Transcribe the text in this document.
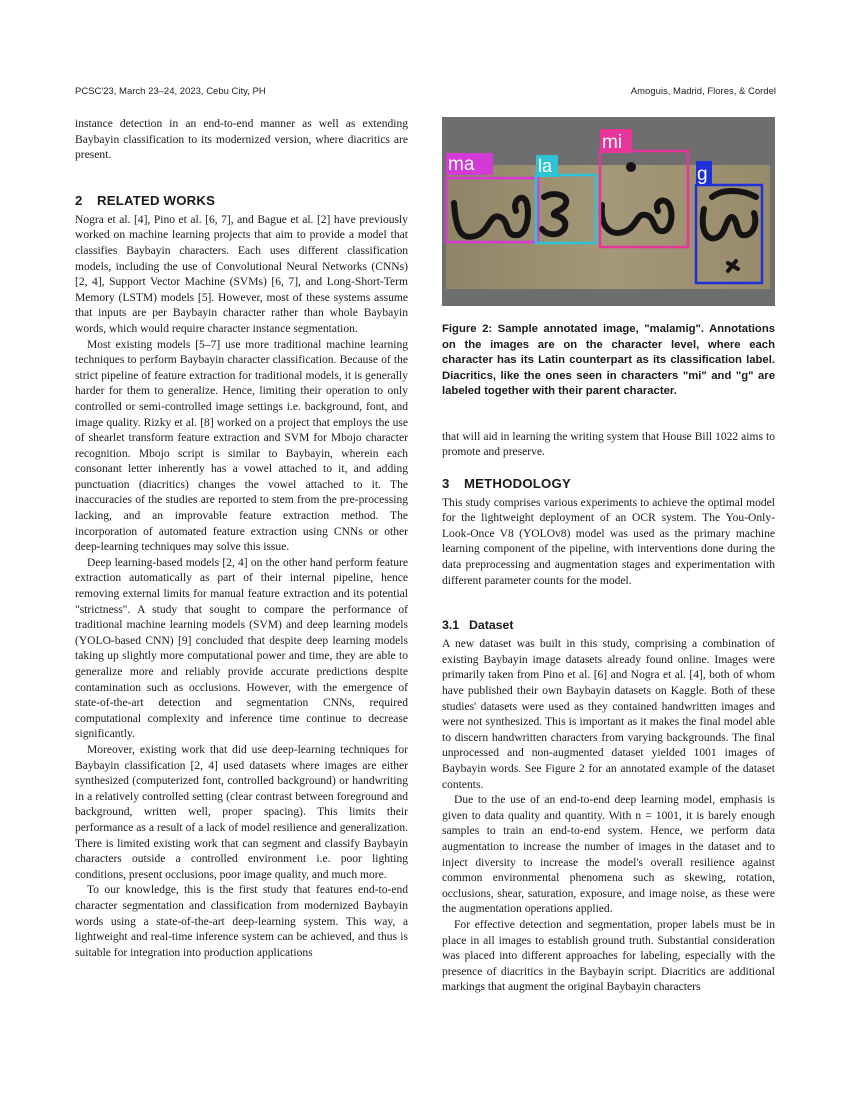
PCSC'23, March 23–24, 2023, Cebu City, PH	Amoguis, Madrid, Flores, & Cordel

instance detection in an end-to-end manner as well as extending Baybayin classification to its modernized version, where diacritics are present.

2 RELATED WORKS

Nogra et al. [4], Pino et al. [6, 7], and Bague et al. [2] have previously worked on machine learning projects that aim to provide a model that classifies Baybayin characters. Each uses different classification models, including the use of Convolutional Neural Networks (CNNs) [2, 4], Support Vector Machine (SVMs) [6, 7], and Long-Short-Term Memory (LSTM) models [5]. However, most of these systems assume that inputs are per Baybayin character rather than whole Baybayin words, which would require character instance segmentation.

Most existing models [5–7] use more traditional machine learning techniques to perform Baybayin character classification. Because of the strict pipeline of feature extraction for traditional models, it is generally harder for them to generalize. Hence, limiting their operation to only controlled or semi-controlled image settings i.e. background, font, and image quality. Rizky et al. [8] worked on a project that employs the use of shearlet transform feature extraction and SVM for Mbojo character recognition. Mbojo script is similar to Baybayin, wherein each consonant letter inherently has a vowel attached to it, and adding punctuation (diacritics) changes the vowel attached to it. The inaccuracies of the studies are reported to stem from the pre-processing lacking, and an improvable feature extraction method. The incorporation of automated feature extraction using CNNs or other deep-learning techniques may solve this issue.

Deep learning-based models [2, 4] on the other hand perform feature extraction automatically as part of their internal pipeline, hence removing external limits for manual feature extraction and its potential "strictness". A study that sought to compare the performance of traditional machine learning models (SVM) and deep learning models (YOLO-based CNN) [9] concluded that despite deep learning models taking up slightly more computational power and time, they are able to generalize more and reliably provide accurate predictions despite contamination such as occlusions. However, with the emergence of state-of-the-art detection and segmentation CNNs, required computational complexity and inference time continue to decrease significantly.

Moreover, existing work that did use deep-learning techniques for Baybayin classification [2, 4] used datasets where images are either synthesized (computerized font, controlled background) or handwriting in a relatively controlled setting (clear contrast between foreground and background, written well, proper spacing). This limits their performance as a result of a lack of model resilience and generalization. There is limited existing work that can segment and classify Baybayin characters outside a controlled environment i.e. poor lighting conditions, present occlusions, poor image quality, and much more.

To our knowledge, this is the first study that features end-to-end character segmentation and classification from modernized Baybayin words using a state-of-the-art deep-learning system. This way, a lightweight and real-time inference system can be achieved, and thus is suitable for integration into production applications

ma	la
mi
g

Figure 2: Sample annotated image, "malamig". Annotations on the images are on the character level, where each character has its Latin counterpart as its classification label. Diacritics, like the ones seen in characters "mi" and "g" are labeled together with their parent character.

that will aid in learning the writing system that House Bill 1022 aims to promote and preserve.

3 METHODOLOGY

This study comprises various experiments to achieve the optimal model for the lightweight deployment of an OCR system. The You-Only-Look-Once V8 (YOLOv8) model was used as the primary machine learning component of the pipeline, with interventions done during the data preprocessing and augmentation stages and experimentation with different parameter counts for the model.

3.1 Dataset

A new dataset was built in this study, comprising a combination of existing Baybayin image datasets already found online. Images were primarily taken from Pino et al. [6] and Nogra et al. [4], both of whom have published their own Baybayin datasets on Kaggle. Both of these studies' datasets were used as they contained handwritten images and were not synthesized. This is important as it makes the final model able to discern handwritten characters from varying backgrounds. The final unprocessed and non-augmented dataset yielded 1001 images of Baybayin words. See Figure 2 for an annotated example of the dataset contents.

Due to the use of an end-to-end deep learning model, emphasis is given to data quality and quantity. With n = 1001, it is barely enough samples to train an end-to-end system. Hence, we perform data augmentation to increase the number of images in the dataset and to inject diversity to increase the model's overall resilience against common environmental phenomena such as skewing, rotation, occlusions, shear, saturation, exposure, and image noise, as these were the augmentation operations applied.

For effective detection and segmentation, proper labels must be in place in all images to establish ground truth. Substantial consideration was placed into different approaches for labeling, especially with the presence of diacritics in the Baybayin script. Diacritics are additional markings that augment the original Baybayin characters
